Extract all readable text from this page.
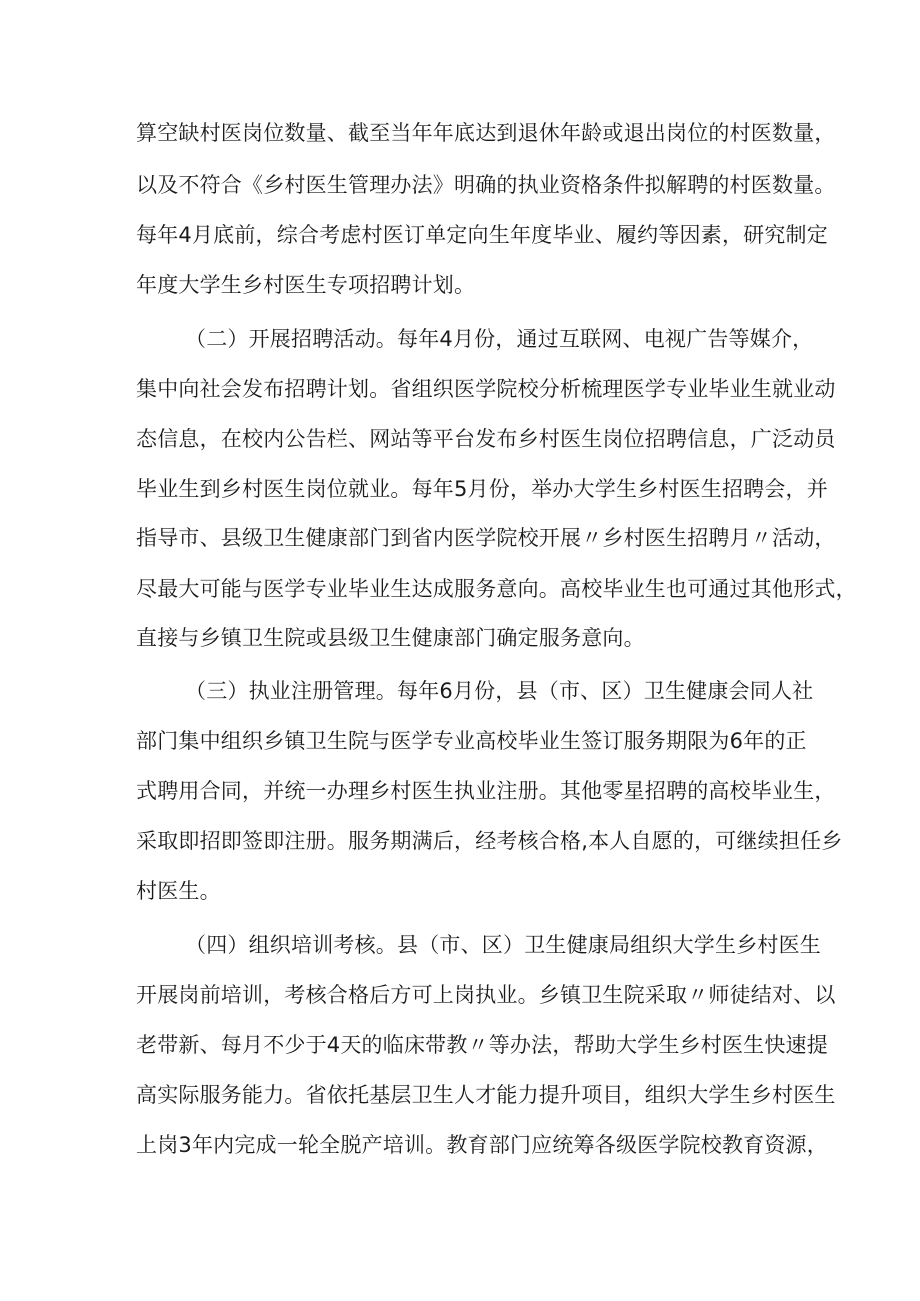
算空缺村医岗位数量、截至当年年底达到退休年龄或退出岗位的村医数量，
以及不符合《乡村医生管理办法》明确的执业资格条件拟解聘的村医数量。
每年4月底前，综合考虑村医订单定向生年度毕业、履约等因素，研究制定
年度大学生乡村医生专项招聘计划。
（二）开展招聘活动。每年4月份，通过互联网、电视广告等媒介，
集中向社会发布招聘计划。省组织医学院校分析梳理医学专业毕业生就业动
态信息，在校内公告栏、网站等平台发布乡村医生岗位招聘信息，广泛动员
毕业生到乡村医生岗位就业。每年5月份，举办大学生乡村医生招聘会，并
指导市、县级卫生健康部门到省内医学院校开展〃乡村医生招聘月〃活动，
尽最大可能与医学专业毕业生达成服务意向。高校毕业生也可通过其他形式，
直接与乡镇卫生院或县级卫生健康部门确定服务意向。
（三）执业注册管理。每年6月份，县（市、区）卫生健康会同人社
部门集中组织乡镇卫生院与医学专业高校毕业生签订服务期限为6年的正
式聘用合同，并统一办理乡村医生执业注册。其他零星招聘的高校毕业生，
采取即招即签即注册。服务期满后，经考核合格,本人自愿的，可继续担任乡
村医生。
（四）组织培训考核。县（市、区）卫生健康局组织大学生乡村医生
开展岗前培训，考核合格后方可上岗执业。乡镇卫生院采取〃师徒结对、以
老带新、每月不少于4天的临床带教〃等办法，帮助大学生乡村医生快速提
高实际服务能力。省依托基层卫生人才能力提升项目，组织大学生乡村医生
上岗3年内完成一轮全脱产培训。教育部门应统筹各级医学院校教育资源，
